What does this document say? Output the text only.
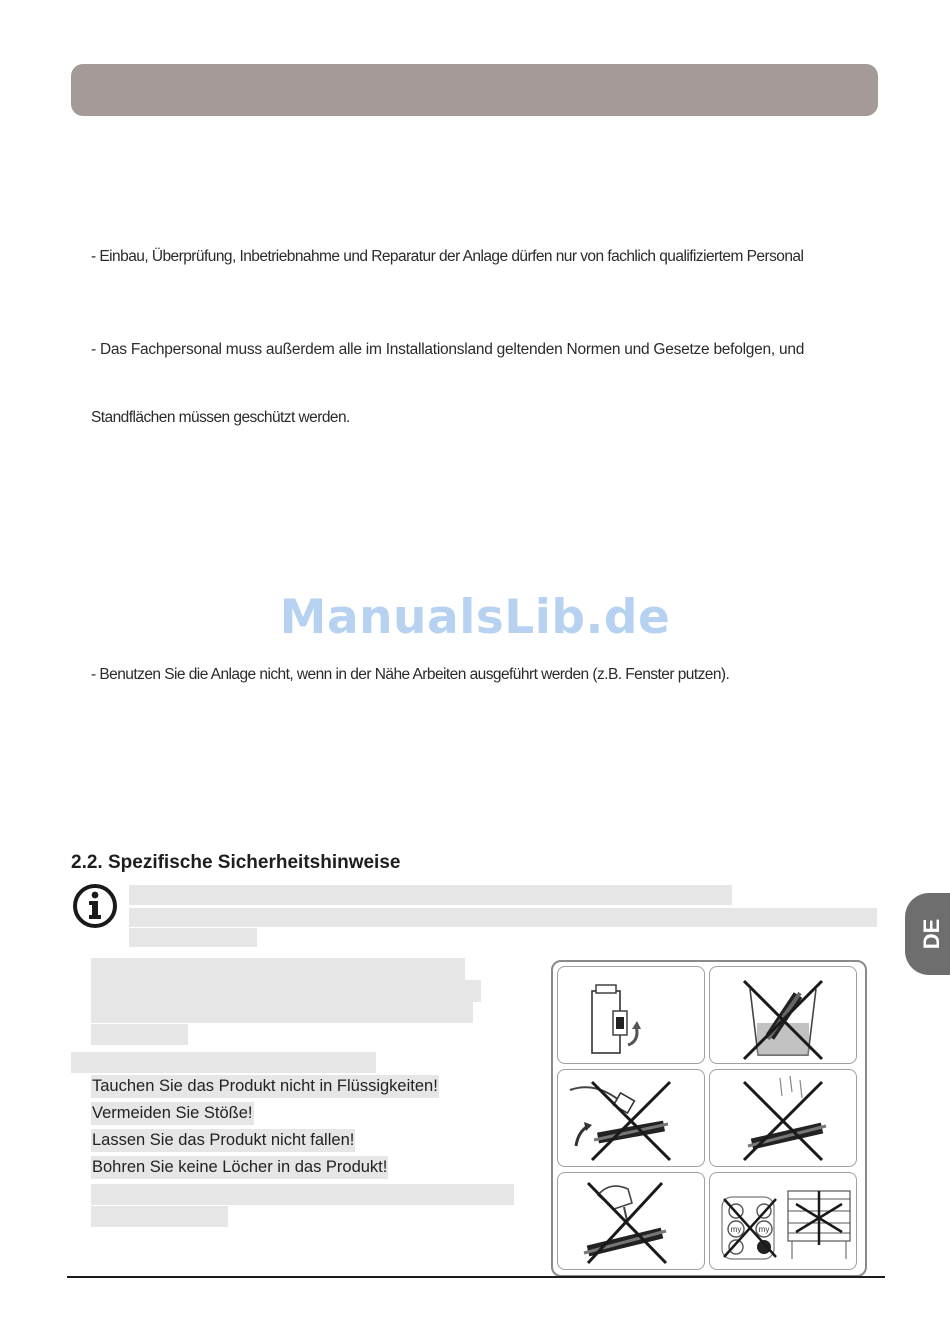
- Einbau, Überprüfung, Inbetriebnahme und Reparatur der Anlage dürfen nur von fachlich qualifiziertem Personal
- Das Fachpersonal muss außerdem alle im Installationsland geltenden Normen und Gesetze befolgen, und
Standflächen müssen geschützt werden.
ManualsLib.de
- Benutzen Sie die Anlage nicht, wenn in der Nähe Arbeiten ausgeführt werden (z.B. Fenster putzen).
2.2. Spezifische Sicherheitshinweise
Tauchen Sie das Produkt nicht in Flüssigkeiten!
Vermeiden Sie Stöße!
Lassen Sie das Produkt nicht fallen!
Bohren Sie keine Löcher in das Produkt!
DE
my my
